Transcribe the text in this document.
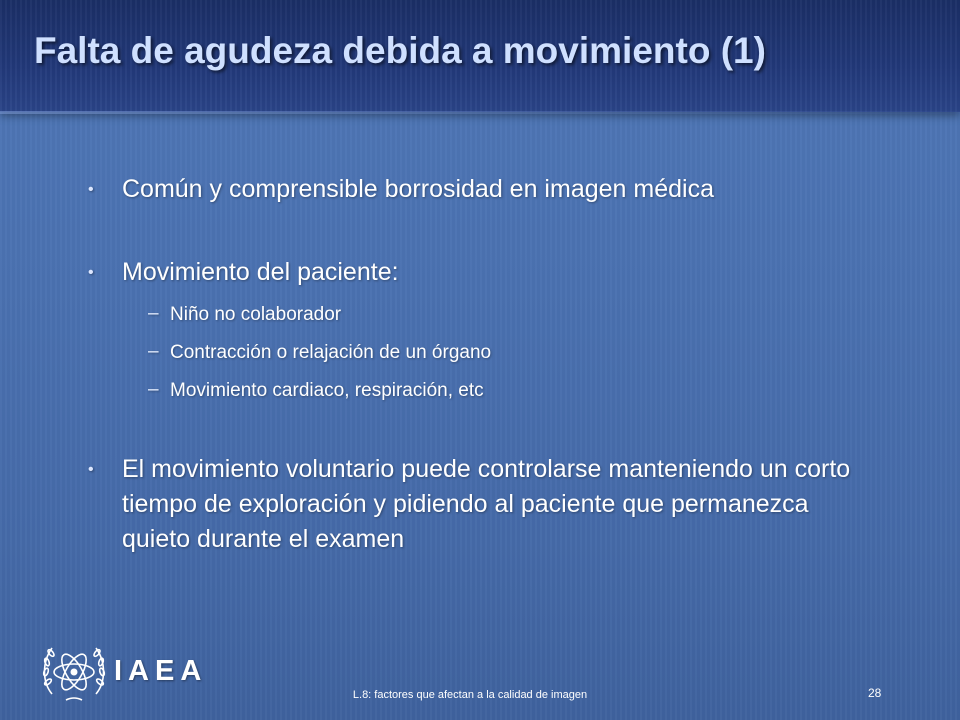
Falta de agudeza debida a movimiento (1)
• Común y comprensible borrosidad en imagen médica
• Movimiento del paciente:
– Niño no colaborador
– Contracción o relajación de un órgano
– Movimiento cardiaco, respiración, etc
• El movimiento voluntario puede controlarse manteniendo un corto tiempo de exploración y pidiendo al paciente que permanezca quieto durante el examen
IAEA
L.8: factores que afectan a la calidad de imagen	28
